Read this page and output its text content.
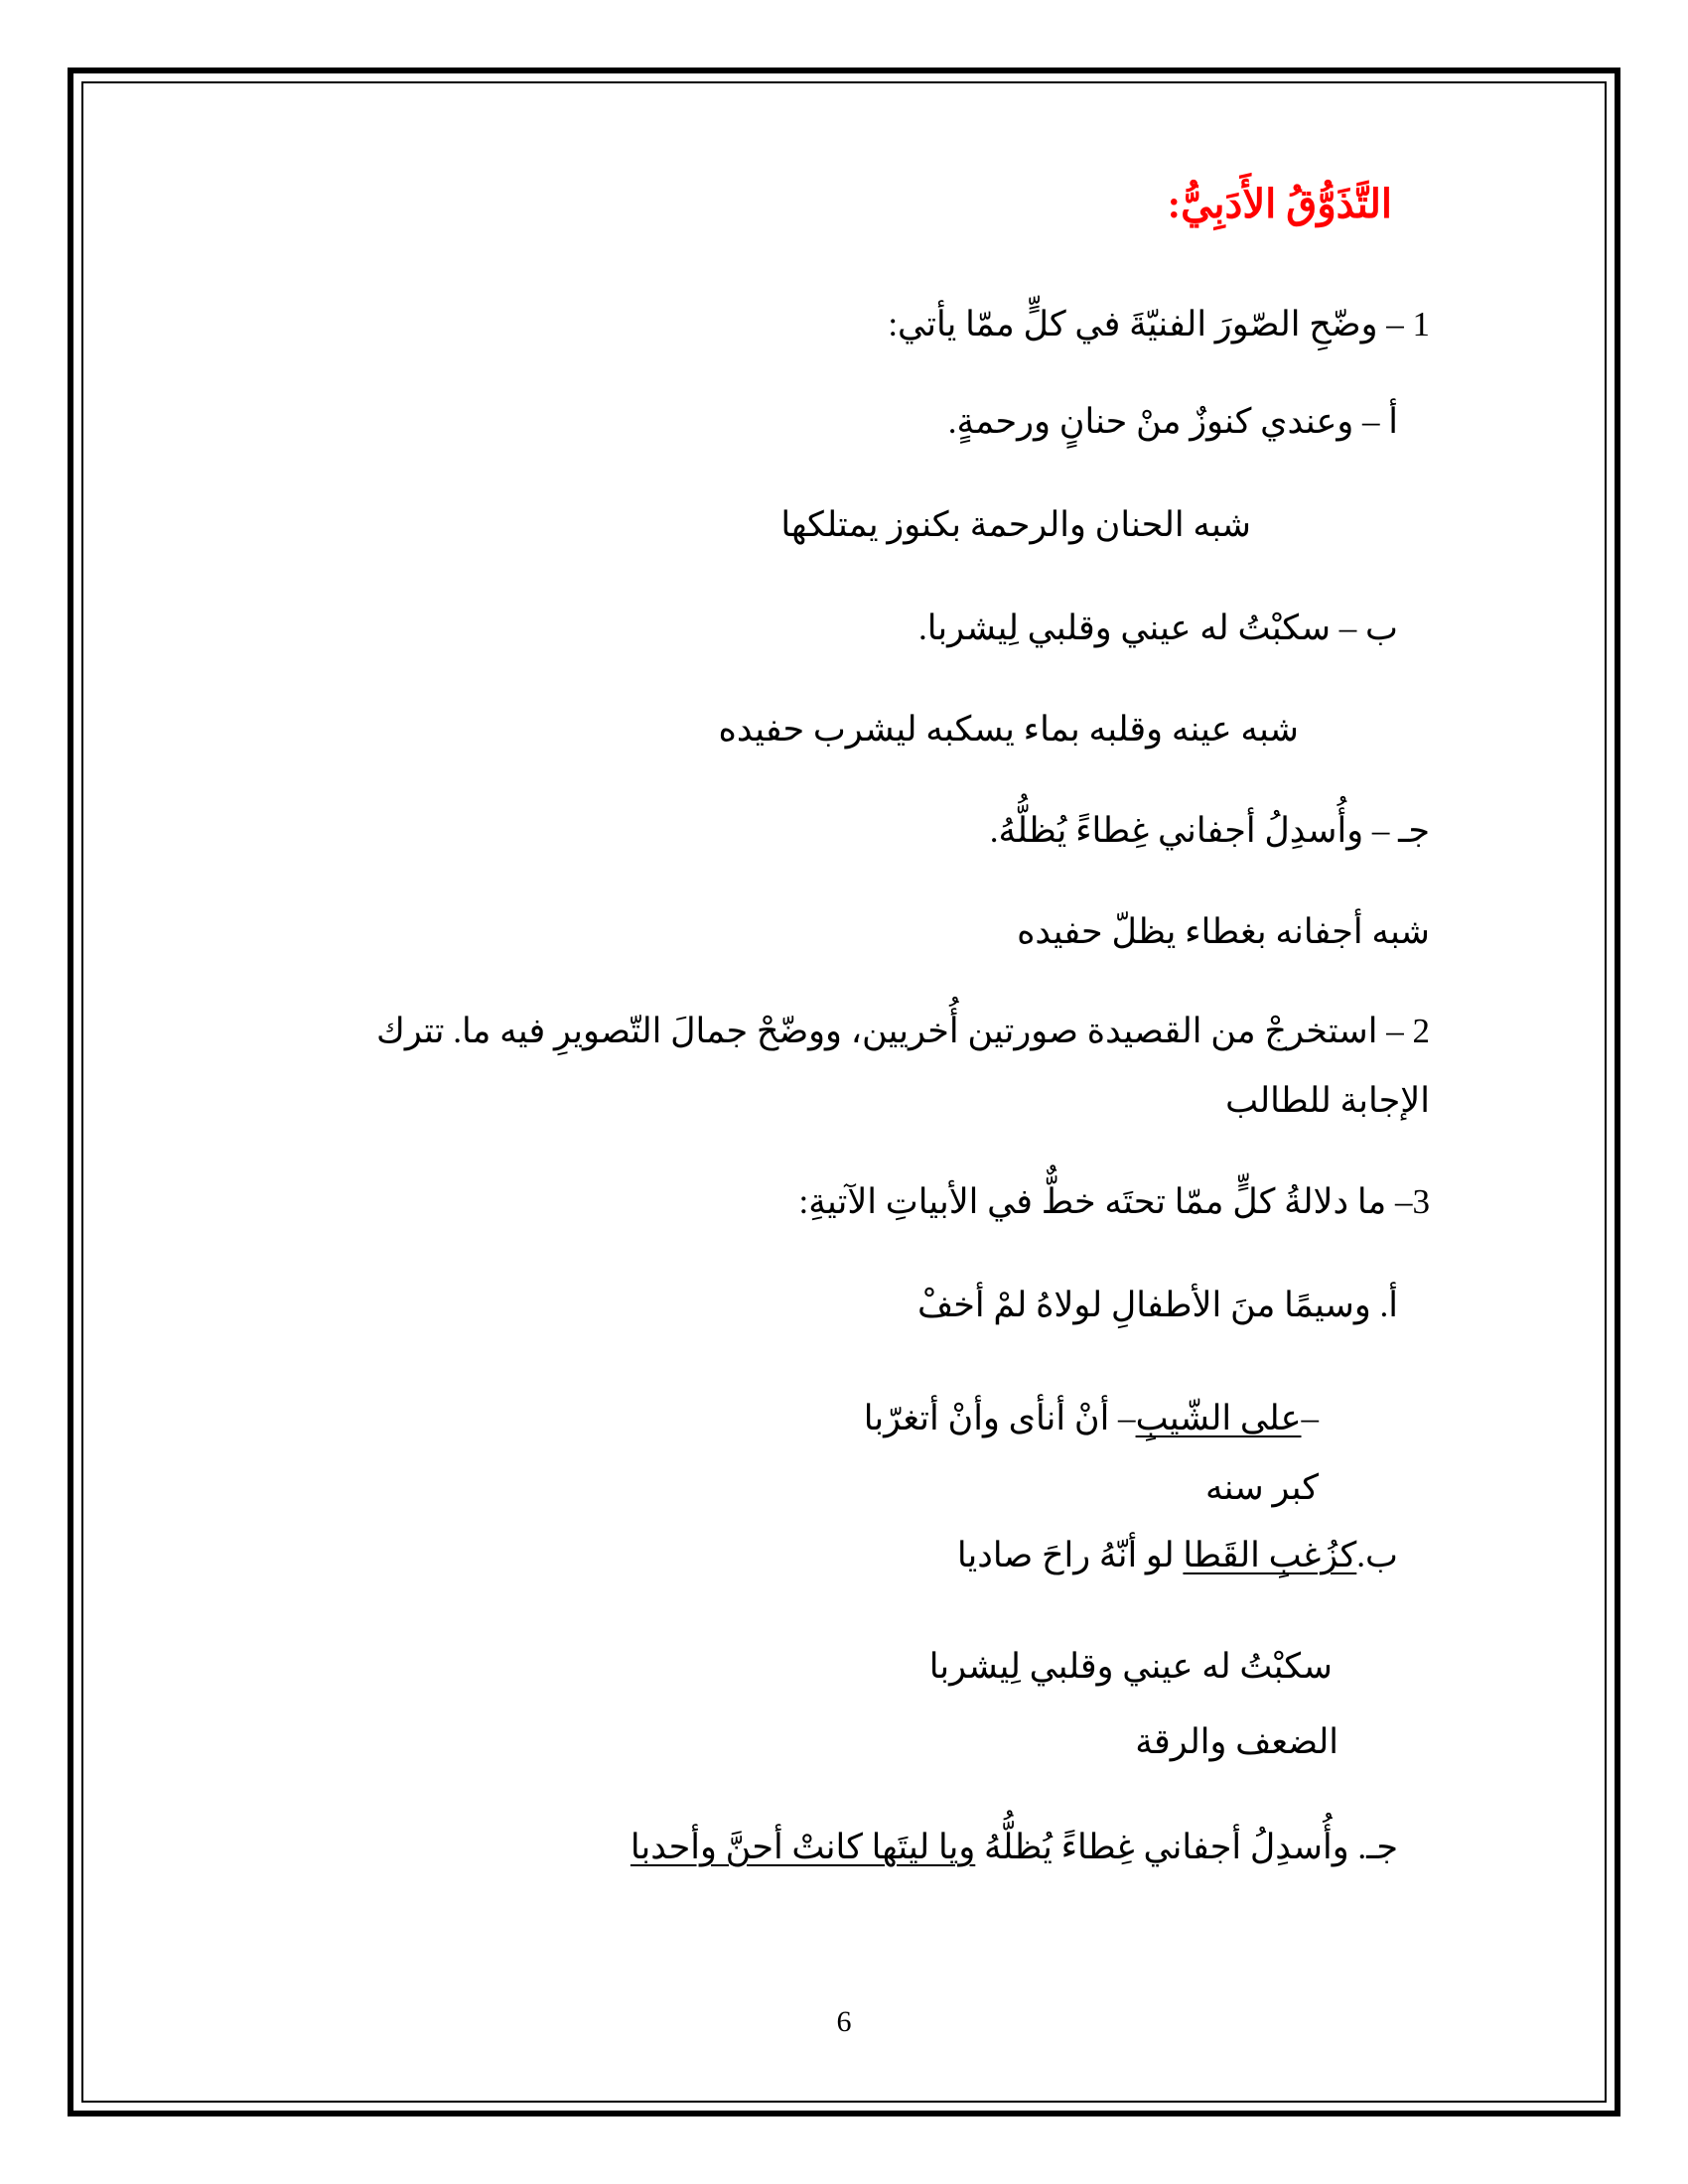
التَّذَوُّقُ الأَدَبِيُّ:
1 – وضّحِ الصّورَ الفنيّةَ في كلٍّ ممّا يأتي:
أ – وعندي كنوزٌ منْ حنانٍ ورحمةٍ.
شبه الحنان والرحمة بكنوز يمتلكها
ب – سكبْتُ له عيني وقلبي لِيشربا.
شبه عينه وقلبه بماء يسكبه ليشرب حفيده
جـ – وأُسدِلُ أجفاني غِطاءً يُظلُّهُ.
شبه أجفانه بغطاء يظلّ حفيده
2 – استخرجْ من القصيدة صورتين أُخريين، ووضّحْ جمالَ التّصويرِ فيه ما. تترك
الإجابة للطالب
3– ما دلالةُ كلٍّ ممّا تحتَه خطٌّ في الأبياتِ الآتيةِ:
أ. وسيمًا منَ الأطفالِ لولاهُ لمْ أخفْ
–على الشّيبِ– أنْ أنأى وأنْ أتغرّبا
كبر سنه
ب.كزُغبِ القَطا لو أنّهُ راحَ صاديا
سكبْتُ له عيني وقلبي لِيشربا
الضعف والرقة
جـ. وأُسدِلُ أجفاني غِطاءً يُظلُّهُ ويا ليتَها كانتْ أحنَّ وأحدبا
6
